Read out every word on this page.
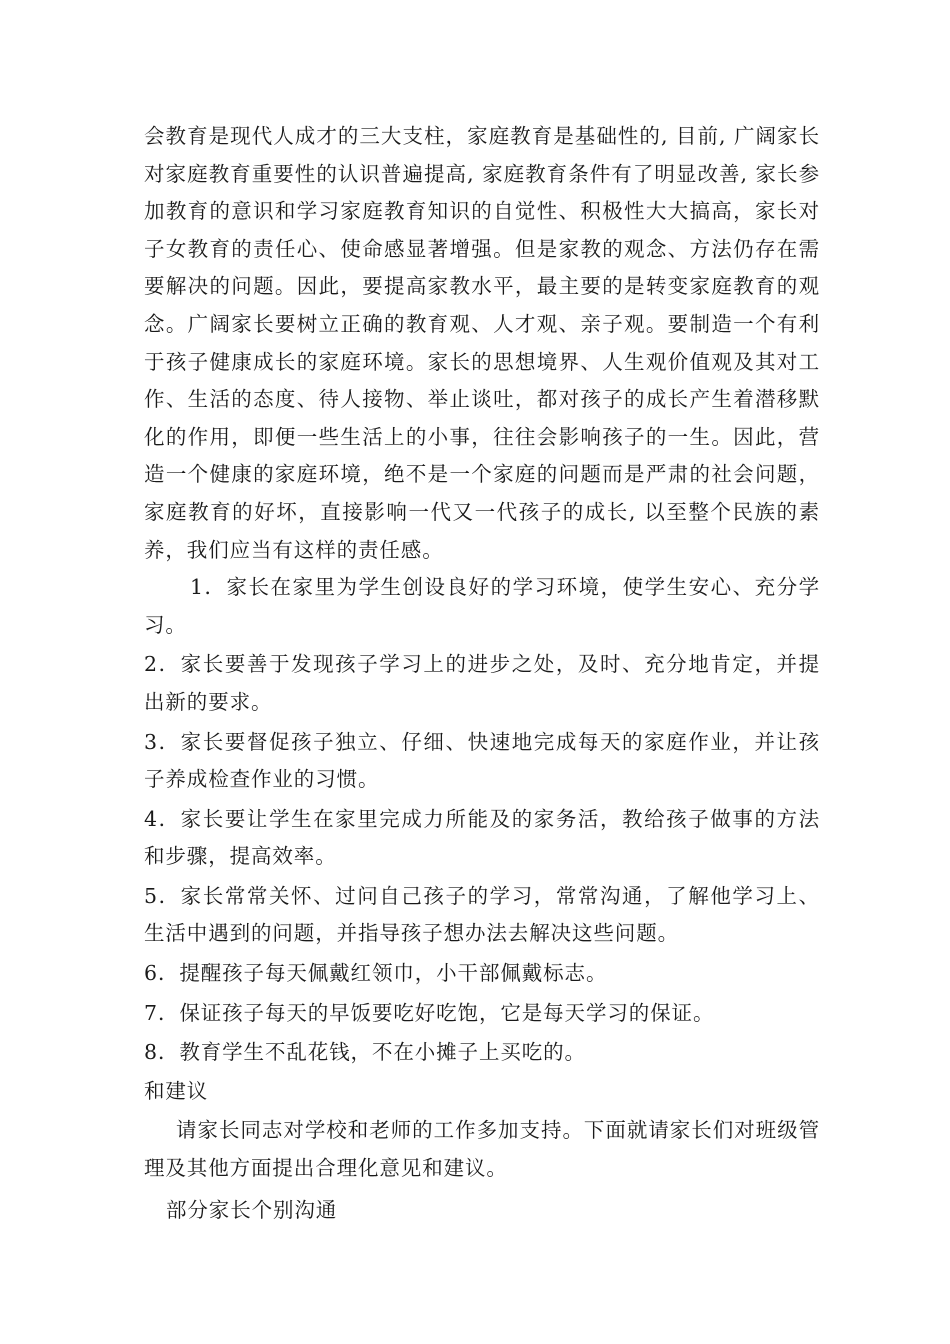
会教育是现代人成才的三大支柱，家庭教育是基础性的, 目前, 广阔家长对家庭教育重要性的认识普遍提高, 家庭教育条件有了明显改善, 家长参加教育的意识和学习家庭教育知识的自觉性、积极性大大搞高，家长对子女教育的责任心、使命感显著增强。但是家教的观念、方法仍存在需要解决的问题。因此，要提高家教水平，最主要的是转变家庭教育的观念。广阔家长要树立正确的教育观、人才观、亲子观。要制造一个有利于孩子健康成长的家庭环境。家长的思想境界、人生观价值观及其对工作、生活的态度、待人接物、举止谈吐，都对孩子的成长产生着潜移默化的作用，即便一些生活上的小事，往往会影响孩子的一生。因此，营造一个健康的家庭环境，绝不是一个家庭的问题而是严肃的社会问题，家庭教育的好坏，直接影响一代又一代孩子的成长, 以至整个民族的素养，我们应当有这样的责任感。

1．家长在家里为学生创设良好的学习环境，使学生安心、充分学习。

2．家长要善于发现孩子学习上的进步之处，及时、充分地肯定，并提出新的要求。

3．家长要督促孩子独立、仔细、快速地完成每天的家庭作业，并让孩子养成检查作业的习惯。

4．家长要让学生在家里完成力所能及的家务活，教给孩子做事的方法和步骤，提高效率。

5．家长常常关怀、过问自己孩子的学习，常常沟通，了解他学习上、生活中遇到的问题，并指导孩子想办法去解决这些问题。

6．提醒孩子每天佩戴红领巾，小干部佩戴标志。

7．保证孩子每天的早饭要吃好吃饱，它是每天学习的保证。

8．教育学生不乱花钱，不在小摊子上买吃的。

和建议

请家长同志对学校和老师的工作多加支持。下面就请家长们对班级管理及其他方面提出合理化意见和建议。

部分家长个别沟通
